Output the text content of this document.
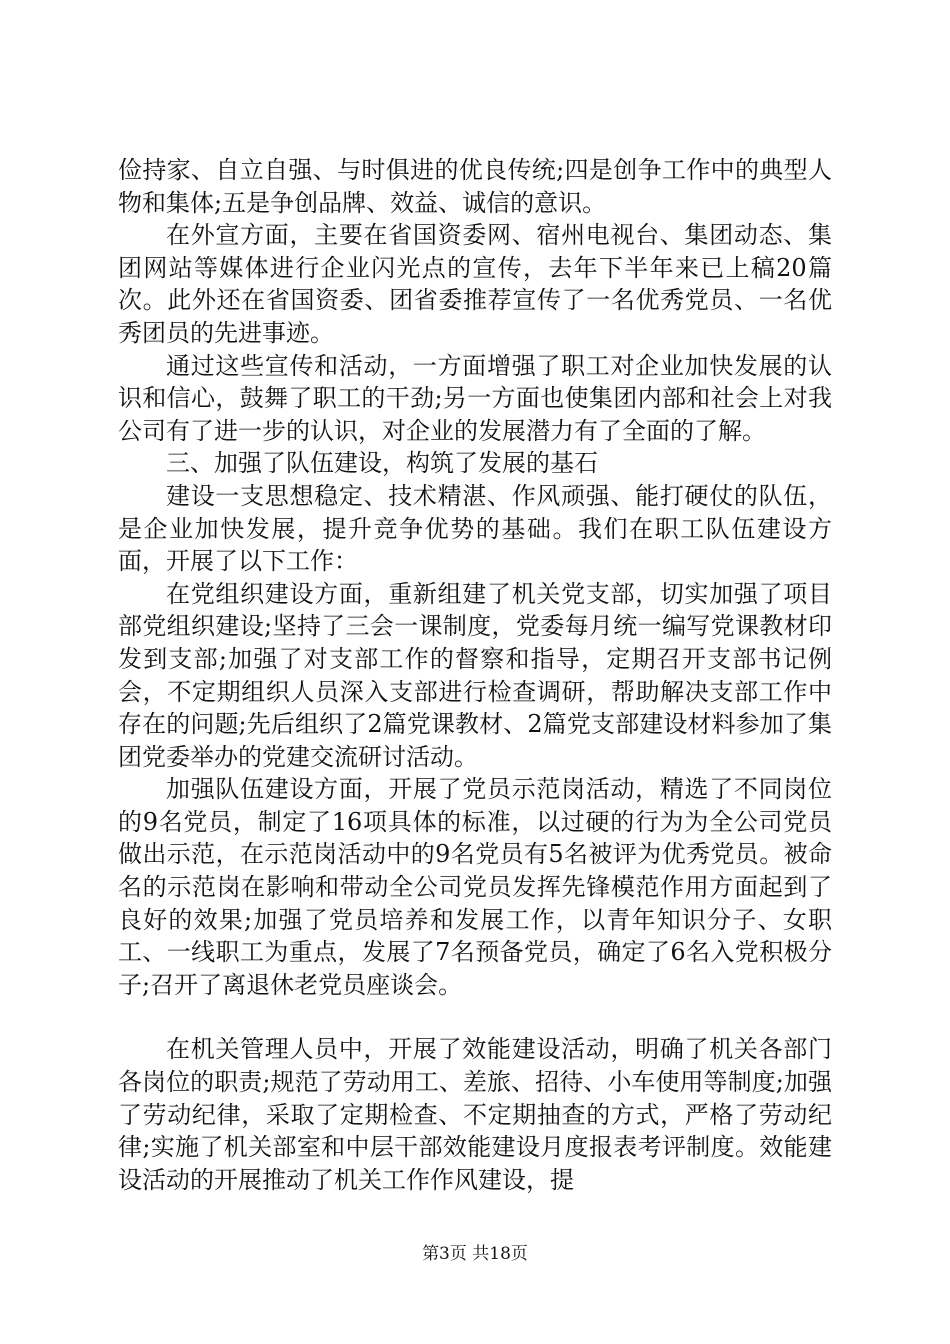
俭持家、自立自强、与时俱进的优良传统;四是创争工作中的典型人物和集体;五是争创品牌、效益、诚信的意识。

在外宣方面，主要在省国资委网、宿州电视台、集团动态、集团网站等媒体进行企业闪光点的宣传，去年下半年来已上稿20篇次。此外还在省国资委、团省委推荐宣传了一名优秀党员、一名优秀团员的先进事迹。

通过这些宣传和活动，一方面增强了职工对企业加快发展的认识和信心，鼓舞了职工的干劲;另一方面也使集团内部和社会上对我公司有了进一步的认识，对企业的发展潜力有了全面的了解。

三、加强了队伍建设，构筑了发展的基石

建设一支思想稳定、技术精湛、作风顽强、能打硬仗的队伍，是企业加快发展，提升竞争优势的基础。我们在职工队伍建设方面，开展了以下工作：

在党组织建设方面，重新组建了机关党支部，切实加强了项目部党组织建设;坚持了三会一课制度，党委每月统一编写党课教材印发到支部;加强了对支部工作的督察和指导，定期召开支部书记例会，不定期组织人员深入支部进行检查调研，帮助解决支部工作中存在的问题;先后组织了2篇党课教材、2篇党支部建设材料参加了集团党委举办的党建交流研讨活动。

加强队伍建设方面，开展了党员示范岗活动，精选了不同岗位的9名党员，制定了16项具体的标准，以过硬的行为为全公司党员做出示范，在示范岗活动中的9名党员有5名被评为优秀党员。被命名的示范岗在影响和带动全公司党员发挥先锋模范作用方面起到了良好的效果;加强了党员培养和发展工作，以青年知识分子、女职工、一线职工为重点，发展了7名预备党员，确定了6名入党积极分子;召开了离退休老党员座谈会。

在机关管理人员中，开展了效能建设活动，明确了机关各部门各岗位的职责;规范了劳动用工、差旅、招待、小车使用等制度;加强了劳动纪律，采取了定期检查、不定期抽查的方式，严格了劳动纪律;实施了机关部室和中层干部效能建设月度报表考评制度。效能建设活动的开展推动了机关工作作风建设，提

第3页 共18页
